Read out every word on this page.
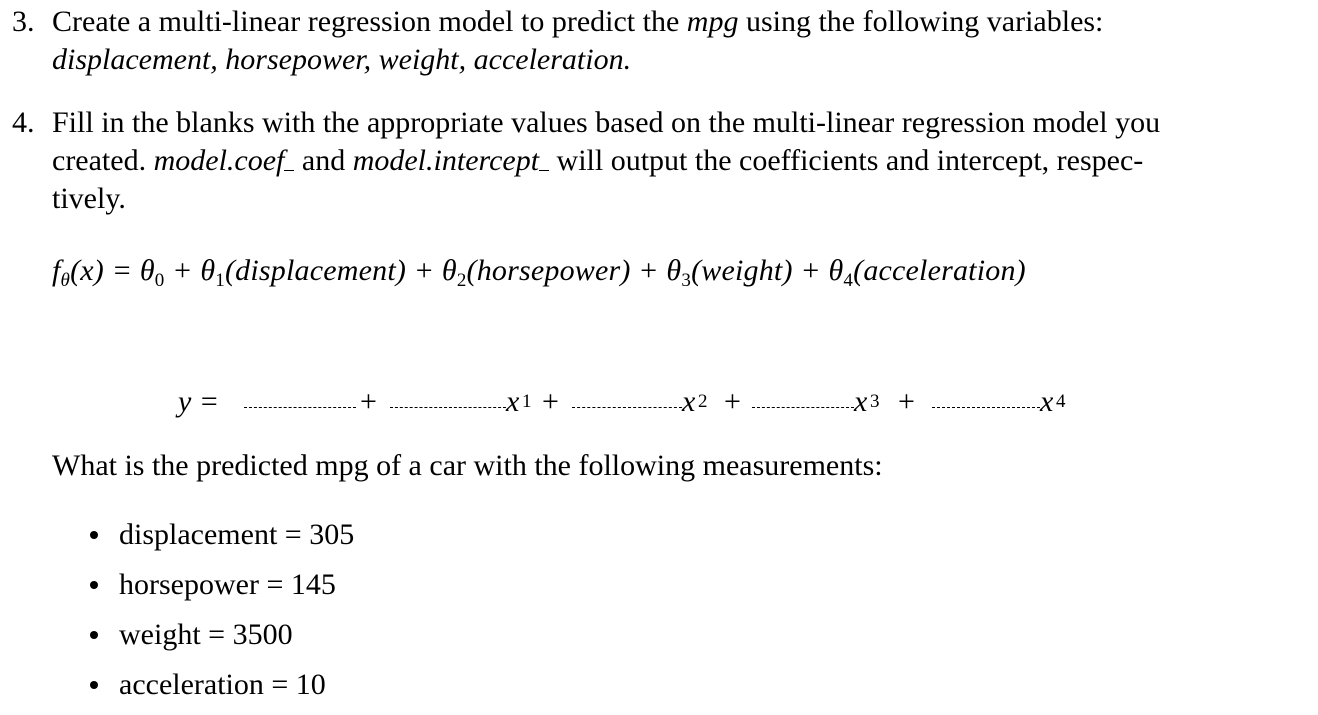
3. Create a multi-linear regression model to predict the mpg using the following variables:
displacement, horsepower, weight, acceleration.
4. Fill in the blanks with the appropriate values based on the multi-linear regression model you
created. model.coef and model.intercept will output the coefficients and intercept, respec-
tively.
$f_\theta(x) = \theta_0$ + $\theta_1(displacement)$ + $\theta_2(horsepower)$ + $\theta_3(weight)$ + $\theta_4(acceleration)$
y =	+	x 1 +	x 2 +	x 3 +	x 4
What is the predicted mpg of a car with the following measurements:
displacement = 305
horsepower = 145
weight = 3500
acceleration = 10
